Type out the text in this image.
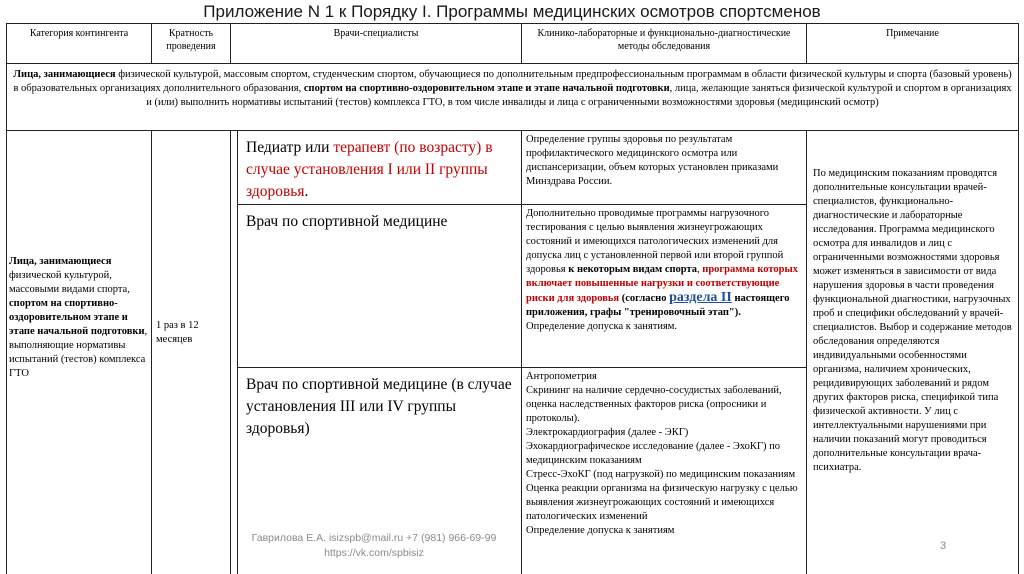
Приложение N 1 к Порядку I. Программы медицинских осмотров спортсменов
Категория контингента	Кратность проведения
Врачи-специалисты	Клинико-лабораторные и функционально-диагностические методы обследования
Примечание
Лица, занимающиеся физической культурой, массовым спортом, студенческим спортом, обучающиеся по дополнительным предпрофессиональным программам в области физической культуры и спорта (базовый уровень) в образовательных организациях дополнительного образования, спортом на спортивно-оздоровительном этапе и этапе начальной подготовки, лица, желающие заняться физической культурой и спортом в организациях и (или) выполнить нормативы испытаний (тестов) комплекса ГТО, в том числе инвалиды и лица с ограниченными возможностями здоровья (медицинский осмотр)
Лица, занимающиеся физической культурой, массовыми видами спорта, спортом на спортивно-оздоровительном этапе и этапе начальной подготовки, выполняющие нормативы испытаний (тестов) комплекса ГТО
1 раз в 12 месяцев
Педиатр или терапевт (по возрасту) в случае установления I или II группы здоровья.
Врач по спортивной медицине
Врач по спортивной медицине (в случае установления III или IV группы здоровья)
Определение группы здоровья по результатам профилактического медицинского осмотра или диспансеризации, объем которых установлен приказами Минздрава России.
Дополнительно проводимые программы нагрузочного тестирования с целью выявления жизнеугрожающих состояний и имеющихся патологических изменений для допуска лиц с установленной первой или второй группой здоровья к некоторым видам спорта, программа которых включает повышенные нагрузки и соответствующие риски для здоровья (согласно раздела II настоящего приложения, графы "тренировочный этап").
Определение допуска к занятиям.
Антропометрия
Скрининг на наличие сердечно-сосудистых заболеваний, оценка наследственных факторов риска (опросники и протоколы).
Электрокардиография (далее - ЭКГ)
Эхокардиографическое исследование (далее - ЭхоКГ) по медицинским показаниям
Стресс-ЭхоКГ (под нагрузкой) по медицинским показаниям
Оценка реакции организма на физическую нагрузку с целью выявления жизнеугрожающих состояний и имеющихся патологических изменений
Определение допуска к занятиям
По медицинским показаниям проводятся дополнительные консультации врачей-специалистов, функционально-диагностические и лабораторные исследования. Программа медицинского осмотра для инвалидов и лиц с ограниченными возможностями здоровья может изменяться в зависимости от вида нарушения здоровья в части проведения функциональной диагностики, нагрузочных проб и специфики обследований у врачей-специалистов. Выбор и содержание методов обследования определяются индивидуальными особенностями организма, наличием хронических, рецидивирующих заболеваний и рядом других факторов риска, спецификой типа физической активности. У лиц с интеллектуальными нарушениями при наличии показаний могут проводиться дополнительные консультации врача-психиатра.
Гаврилова Е.А. isizspb@mail.ru +7 (981) 966-69-99
https://vk.com/spbisiz
3
